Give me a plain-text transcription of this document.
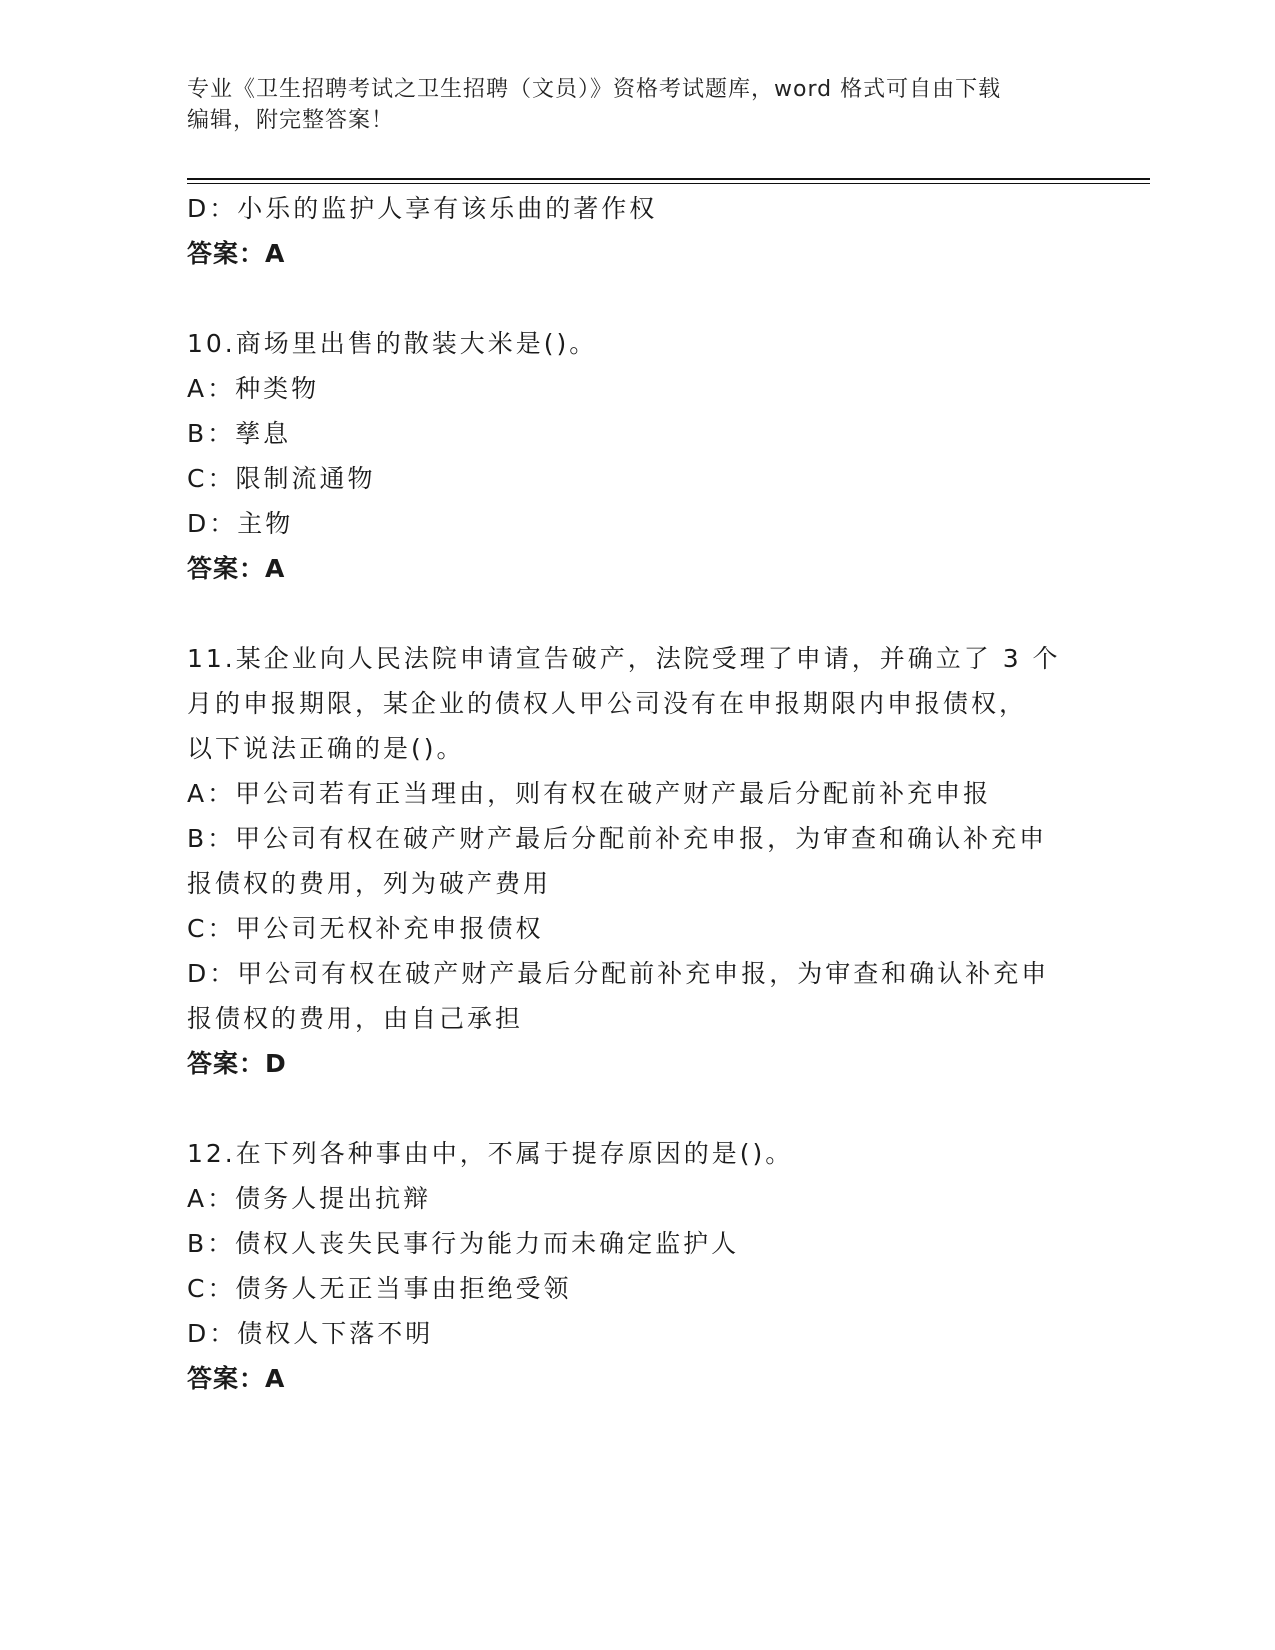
专业《卫生招聘考试之卫生招聘（文员）》资格考试题库，word 格式可自由下载
编辑，附完整答案！
D：小乐的监护人享有该乐曲的著作权
答案：A
10.商场里出售的散装大米是()。
A：种类物
B：孳息
C：限制流通物
D：主物
答案：A
11.某企业向人民法院申请宣告破产，法院受理了申请，并确立了 3 个
月的申报期限，某企业的债权人甲公司没有在申报期限内申报债权，
以下说法正确的是()。
A：甲公司若有正当理由，则有权在破产财产最后分配前补充申报
B：甲公司有权在破产财产最后分配前补充申报，为审查和确认补充申
报债权的费用，列为破产费用
C：甲公司无权补充申报债权
D：甲公司有权在破产财产最后分配前补充申报，为审查和确认补充申
报债权的费用，由自己承担
答案：D
12.在下列各种事由中，不属于提存原因的是()。
A：债务人提出抗辩
B：债权人丧失民事行为能力而未确定监护人
C：债务人无正当事由拒绝受领
D：债权人下落不明
答案：A
